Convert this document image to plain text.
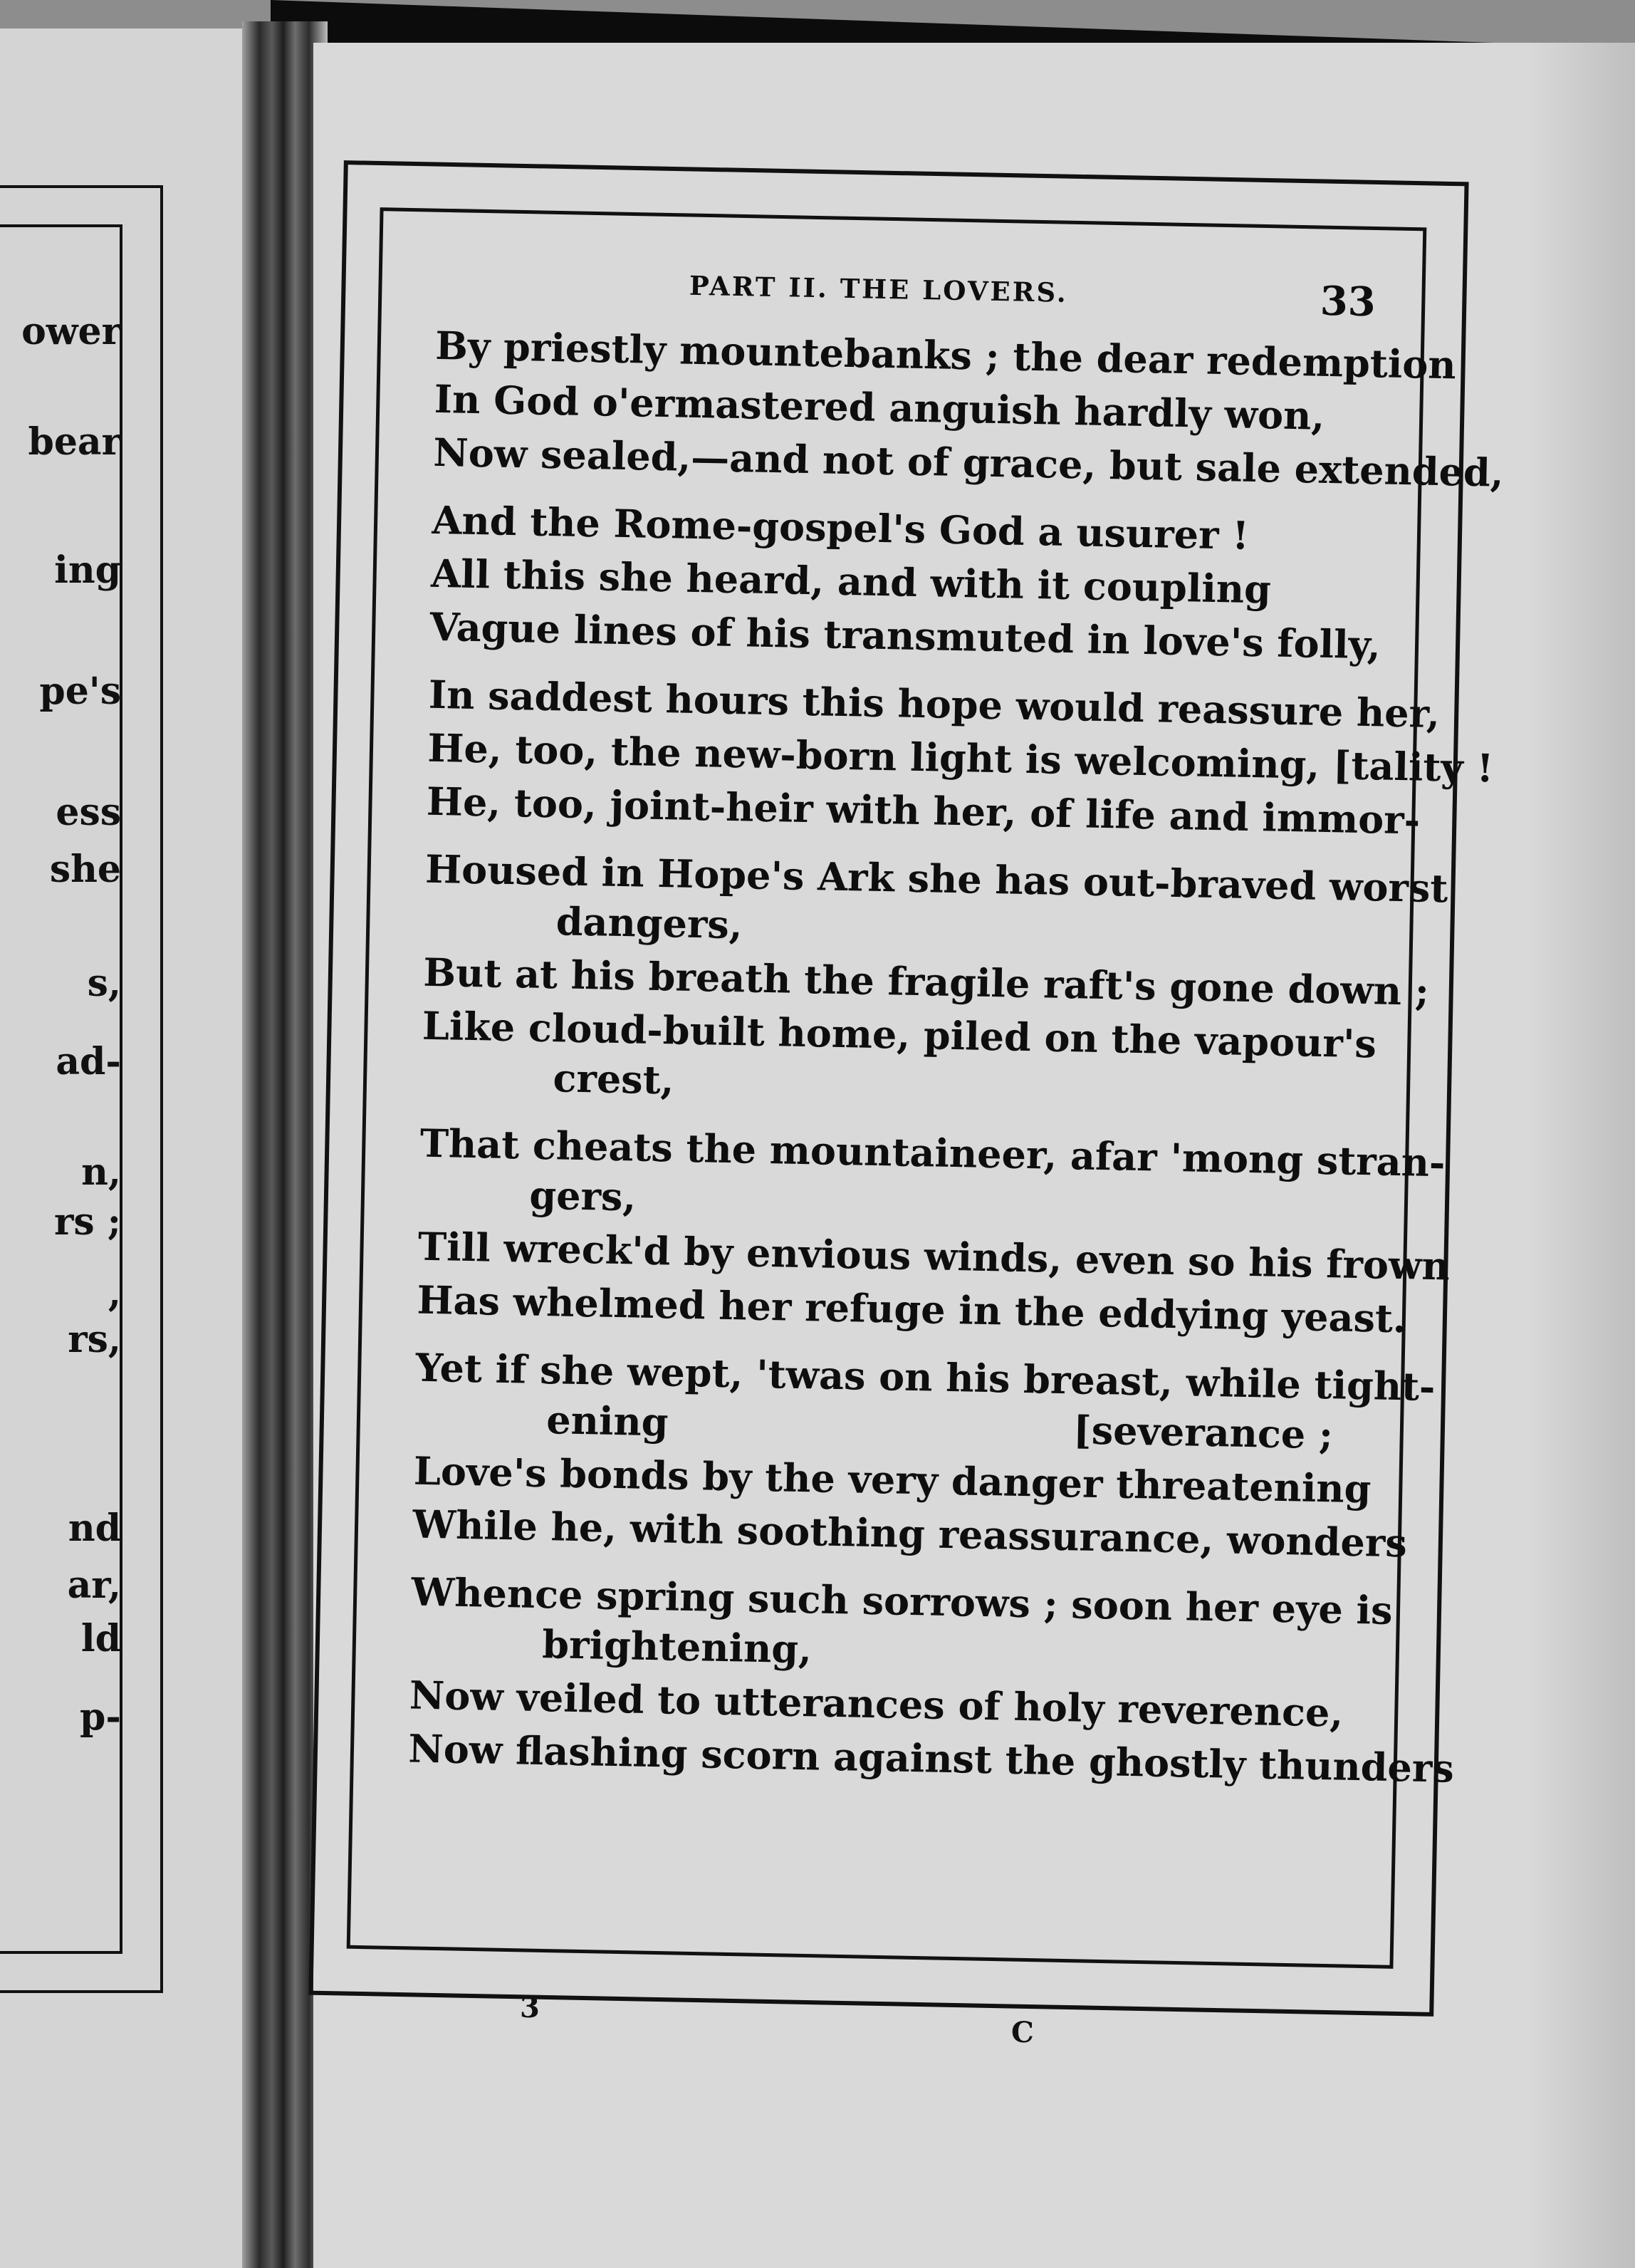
ower
bear
ing
pe's
ess
she
s,
ad-
n,
rs ;
,
rs,
nd
ar,
ld
p-
PART II. THE LOVERS.	33
By priestly mountebanks ; the dear redemption
In God o'ermastered anguish hardly won,
Now sealed,—and not of grace, but sale extended,
And the Rome-gospel's God a usurer !
All this she heard, and with it coupling
Vague lines of his transmuted in love's folly,
In saddest hours this hope would reassure her,
He, too, the new-born light is welcoming, [tality !
He, too, joint-heir with her, of life and immor-
Housed in Hope's Ark she has out-braved worst
dangers,
But at his breath the fragile raft's gone down ;
Like cloud-built home, piled on the vapour's
crest,
That cheats the mountaineer, afar 'mong stran-
gers,
Till wreck'd by envious winds, even so his frown
Has whelmed her refuge in the eddying yeast.
Yet if she wept, 'twas on his breast, while tight-
ening	[severance ;
Love's bonds by the very danger threatening
While he, with soothing reassurance, wonders
Whence spring such sorrows ; soon her eye is
brightening,
Now veiled to utterances of holy reverence,
Now flashing scorn against the ghostly thunders
3
C
